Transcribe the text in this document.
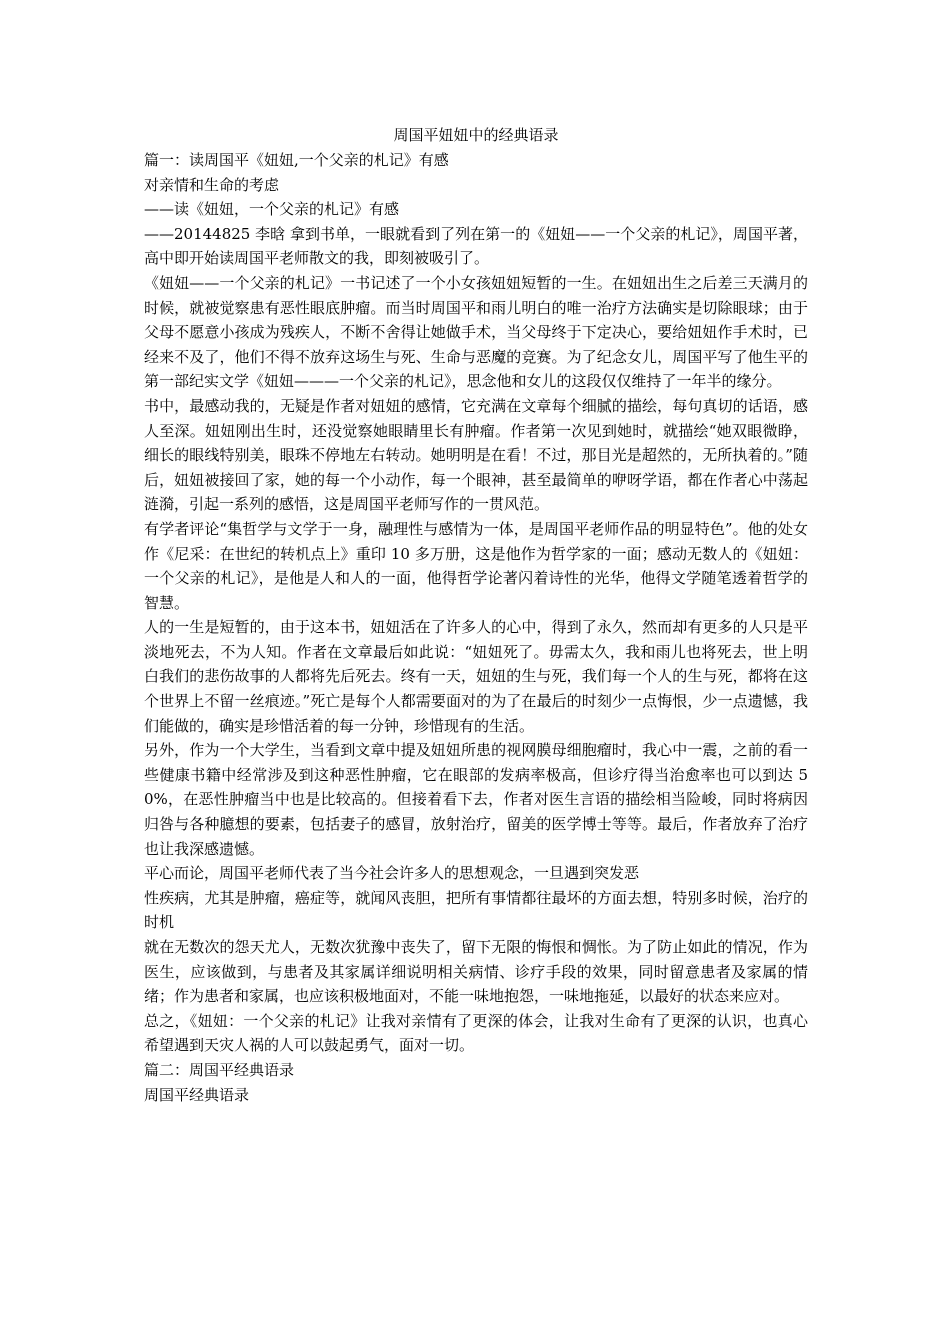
周国平妞妞中的经典语录

篇一：读周国平《妞妞,一个父亲的札记》有感

对亲情和生命的考虑

——读《妞妞，一个父亲的札记》有感

——20144825 李晗 拿到书单，一眼就看到了列在第一的《妞妞——一个父亲的札记》，周国平著，高中即开始读周国平老师散文的我，即刻被吸引了。

《妞妞——一个父亲的札记》一书记述了一个小女孩妞妞短暂的一生。在妞妞出生之后差三天满月的时候，就被觉察患有恶性眼底肿瘤。而当时周国平和雨儿明白的唯一治疗方法确实是切除眼球；由于父母不愿意小孩成为残疾人，不断不舍得让她做手术，当父母终于下定决心，要给妞妞作手术时，已经来不及了，他们不得不放弃这场生与死、生命与恶魔的竞赛。为了纪念女儿，周国平写了他生平的第一部纪实文学《妞妞———一个父亲的札记》，思念他和女儿的这段仅仅维持了一年半的缘分。

书中，最感动我的，无疑是作者对妞妞的感情，它充满在文章每个细腻的描绘，每句真切的话语，感人至深。妞妞刚出生时，还没觉察她眼睛里长有肿瘤。作者第一次见到她时，就描绘“她双眼微睁，细长的眼线特别美，眼珠不停地左右转动。她明明是在看！不过，那目光是超然的，无所执着的。”随后，妞妞被接回了家，她的每一个小动作，每一个眼神，甚至最简单的咿呀学语，都在作者心中荡起涟漪，引起一系列的感悟，这是周国平老师写作的一贯风范。

有学者评论“集哲学与文学于一身，融理性与感情为一体，是周国平老师作品的明显特色”。他的处女作《尼采：在世纪的转机点上》重印 10 多万册，这是他作为哲学家的一面；感动无数人的《妞妞：一个父亲的札记》，是他是人和人的一面，他得哲学论著闪着诗性的光华，他得文学随笔透着哲学的智慧。

人的一生是短暂的，由于这本书，妞妞活在了许多人的心中，得到了永久，然而却有更多的人只是平淡地死去，不为人知。作者在文章最后如此说：“妞妞死了。毋需太久，我和雨儿也将死去，世上明白我们的悲伤故事的人都将先后死去。终有一天，妞妞的生与死，我们每一个人的生与死，都将在这个世界上不留一丝痕迹。”死亡是每个人都需要面对的为了在最后的时刻少一点悔恨，少一点遗憾，我们能做的，确实是珍惜活着的每一分钟，珍惜现有的生活。

另外，作为一个大学生，当看到文章中提及妞妞所患的视网膜母细胞瘤时，我心中一震，之前的看一些健康书籍中经常涉及到这种恶性肿瘤，它在眼部的发病率极高，但诊疗得当治愈率也可以到达 50%，在恶性肿瘤当中也是比较高的。但接着看下去，作者对医生言语的描绘相当险峻，同时将病因归咎与各种臆想的要素，包括妻子的感冒，放射治疗，留美的医学博士等等。最后，作者放弃了治疗也让我深感遗憾。

平心而论，周国平老师代表了当今社会许多人的思想观念，一旦遇到突发恶

性疾病，尤其是肿瘤，癌症等，就闻风丧胆，把所有事情都往最坏的方面去想，特别多时候，治疗的时机

就在无数次的怨天尤人，无数次犹豫中丧失了，留下无限的悔恨和惆怅。为了防止如此的情况，作为医生，应该做到，与患者及其家属详细说明相关病情、诊疗手段的效果，同时留意患者及家属的情绪；作为患者和家属，也应该积极地面对，不能一味地抱怨，一味地拖延，以最好的状态来应对。

总之，《妞妞：一个父亲的札记》让我对亲情有了更深的体会，让我对生命有了更深的认识，也真心希望遇到天灾人祸的人可以鼓起勇气，面对一切。

篇二：周国平经典语录

周国平经典语录
